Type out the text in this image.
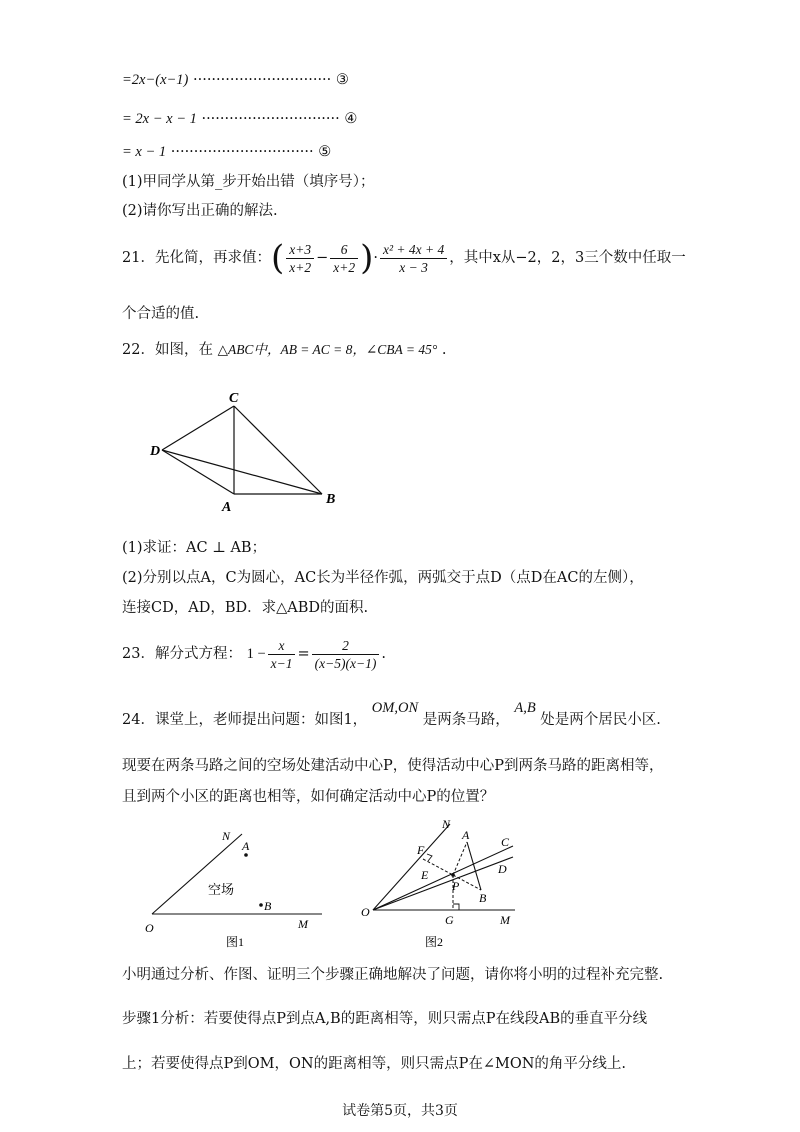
=2x−(x−1) ······························ ③
= 2x − x − 1 ······························ ④
= x − 1 ······························· ⑤
(1)甲同学从第_步开始出错（填序号）；
(2)请你写出正确的解法.
21．先化简，再求值：( $\frac{x+3}{x+2} - \frac{6}{x+2}$ )· $\frac{\text{x² + 4x + 4}}{x - 3}$ ，其中x从−2，2，3三个数中任取一
个合适的值.
22．如图，在 △ABC中，AB = AC = 8，∠CBA = 45° .
C
D
A
B
(1)求证：AC ⊥ AB；
(2)分别以点A，C为圆心，AC长为半径作弧，两弧交于点D（点D在AC的左侧），
连接CD，AD，BD．求△ABD的面积.
23．解分式方程： $1 - \frac{x}{x-1} = \frac{2}{(x-5)(x-1)}$ .
24．课堂上，老师提出问题：如图1， OM,ON 是两条马路， A,B 处是两个居民小区.
现要在两条马路之间的空场处建活动中心P，使得活动中心P到两条马路的距离相等，
且到两个小区的距离也相等，如何确定活动中心P的位置？
N
A
空场
B
O	M
图1
N
A	C
F
D
E
P
B
O
G	M
图2
小明通过分析、作图、证明三个步骤正确地解决了问题，请你将小明的过程补充完整.
步骤1分析：若要使得点P到点A,B的距离相等，则只需点P在线段AB的垂直平分线
上；若要使得点P到OM，ON的距离相等，则只需点P在∠MON的角平分线上.
试卷第5页，共3页
